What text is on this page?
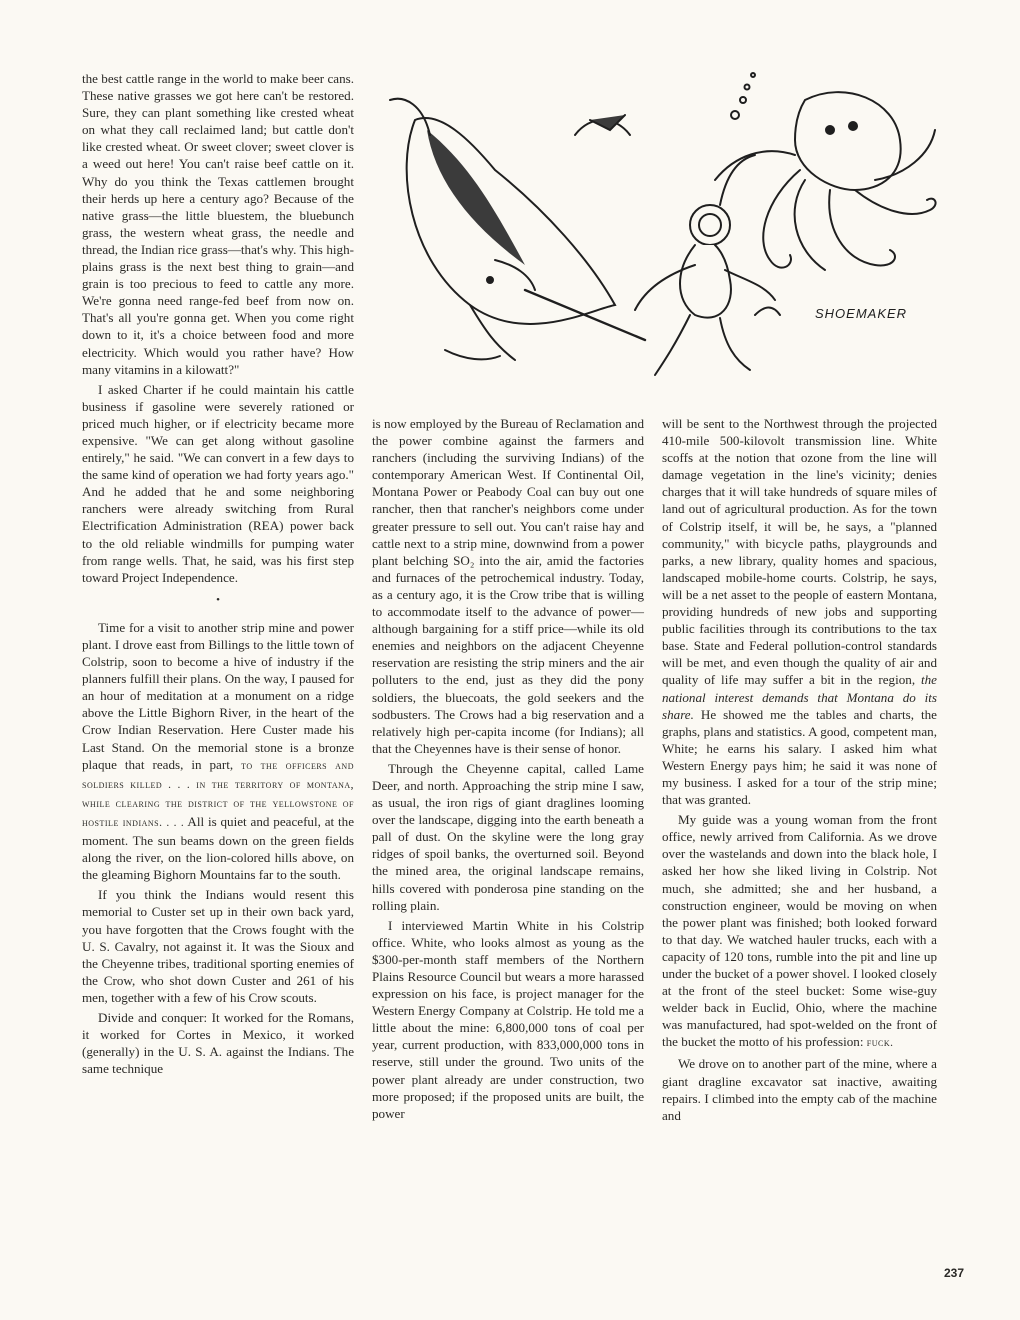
the best cattle range in the world to make beer cans. These native grasses we got here can't be restored. Sure, they can plant something like crested wheat on what they call reclaimed land; but cattle don't like crested wheat. Or sweet clover; sweet clover is a weed out here! You can't raise beef cattle on it. Why do you think the Texas cattlemen brought their herds up here a century ago? Because of the native grass—the little bluestem, the bluebunch grass, the western wheat grass, the needle and thread, the Indian rice grass—that's why. This high-plains grass is the next best thing to grain—and grain is too precious to feed to cattle any more. We're gonna need range-fed beef from now on. That's all you're gonna get. When you come right down to it, it's a choice between food and more electricity. Which would you rather have? How many vitamins in a kilowatt?"

I asked Charter if he could maintain his cattle business if gasoline were severely rationed or priced much higher, or if electricity became more expensive. "We can get along without gasoline entirely," he said. "We can convert in a few days to the same kind of operation we had forty years ago." And he added that he and some neighboring ranchers were already switching from Rural Electrification Administration (REA) power back to the old reliable windmills for pumping water from range wells. That, he said, was his first step toward Project Independence.

•

Time for a visit to another strip mine and power plant. I drove east from Billings to the little town of Colstrip, soon to become a hive of industry if the planners fulfill their plans. On the way, I paused for an hour of meditation at a monument on a ridge above the Little Bighorn River, in the heart of the Crow Indian Reservation. Here Custer made his Last Stand. On the memorial stone is a bronze plaque that reads, in part, to the officers and soldiers killed . . . in the territory of montana, while clearing the district of the yellowstone of hostile indians. . . . All is quiet and peaceful, at the moment. The sun beams down on the green fields along the river, on the lion-colored hills above, on the gleaming Bighorn Mountains far to the south.

If you think the Indians would resent this memorial to Custer set up in their own back yard, you have forgotten that the Crows fought with the U. S. Cavalry, not against it. It was the Sioux and the Cheyenne tribes, traditional sporting enemies of the Crow, who shot down Custer and 261 of his men, together with a few of his Crow scouts.

Divide and conquer: It worked for the Romans, it worked for Cortes in Mexico, it worked (generally) in the U. S. A. against the Indians. The same technique

is now employed by the Bureau of Reclamation and the power combine against the farmers and ranchers (including the surviving Indians) of the contemporary American West. If Continental Oil, Montana Power or Peabody Coal can buy out one rancher, then that rancher's neighbors come under greater pressure to sell out. You can't raise hay and cattle next to a strip mine, downwind from a power plant belching SO₂ into the air, amid the factories and furnaces of the petrochemical industry. Today, as a century ago, it is the Crow tribe that is willing to accommodate itself to the advance of power—although bargaining for a stiff price—while its old enemies and neighbors on the adjacent Cheyenne reservation are resisting the strip miners and the air polluters to the end, just as they did the pony soldiers, the bluecoats, the gold seekers and the sodbusters. The Crows had a big reservation and a relatively high per-capita income (for Indians); all that the Cheyennes have is their sense of honor.

Through the Cheyenne capital, called Lame Deer, and north. Approaching the strip mine I saw, as usual, the iron rigs of giant draglines looming over the landscape, digging into the earth beneath a pall of dust. On the skyline were the long gray ridges of spoil banks, the overturned soil. Beyond the mined area, the original landscape remains, hills covered with ponderosa pine standing on the rolling plain.

I interviewed Martin White in his Colstrip office. White, who looks almost as young as the $300-per-month staff members of the Northern Plains Resource Council but wears a more harassed expression on his face, is project manager for the Western Energy Company at Colstrip. He told me a little about the mine: 6,800,000 tons of coal per year, current production, with 833,000,000 tons in reserve, still under the ground. Two units of the power plant already are under construction, two more proposed; if the proposed units are built, the power

will be sent to the Northwest through the projected 410-mile 500-kilovolt transmission line. White scoffs at the notion that ozone from the line will damage vegetation in the line's vicinity; denies charges that it will take hundreds of square miles of land out of agricultural production. As for the town of Colstrip itself, it will be, he says, a "planned community," with bicycle paths, playgrounds and parks, a new library, quality homes and spacious, landscaped mobile-home courts. Colstrip, he says, will be a net asset to the people of eastern Montana, providing hundreds of new jobs and supporting public facilities through its contributions to the tax base. State and Federal pollution-control standards will be met, and even though the quality of air and quality of life may suffer a bit in the region, the national interest demands that Montana do its share. He showed me the tables and charts, the graphs, plans and statistics. A good, competent man, White; he earns his salary. I asked him what Western Energy pays him; he said it was none of my business. I asked for a tour of the strip mine; that was granted.

My guide was a young woman from the front office, newly arrived from California. As we drove over the wastelands and down into the black hole, I asked her how she liked living in Colstrip. Not much, she admitted; she and her husband, a construction engineer, would be moving on when the power plant was finished; both looked forward to that day. We watched hauler trucks, each with a capacity of 120 tons, rumble into the pit and line up under the bucket of a power shovel. I looked closely at the front of the steel bucket: Some wise-guy welder back in Euclid, Ohio, where the machine was manufactured, had spot-welded on the front of the bucket the motto of his profession: fuck.

We drove on to another part of the mine, where a giant dragline excavator sat inactive, awaiting repairs. I climbed into the empty cab of the machine and

SHOEMAKER
237
